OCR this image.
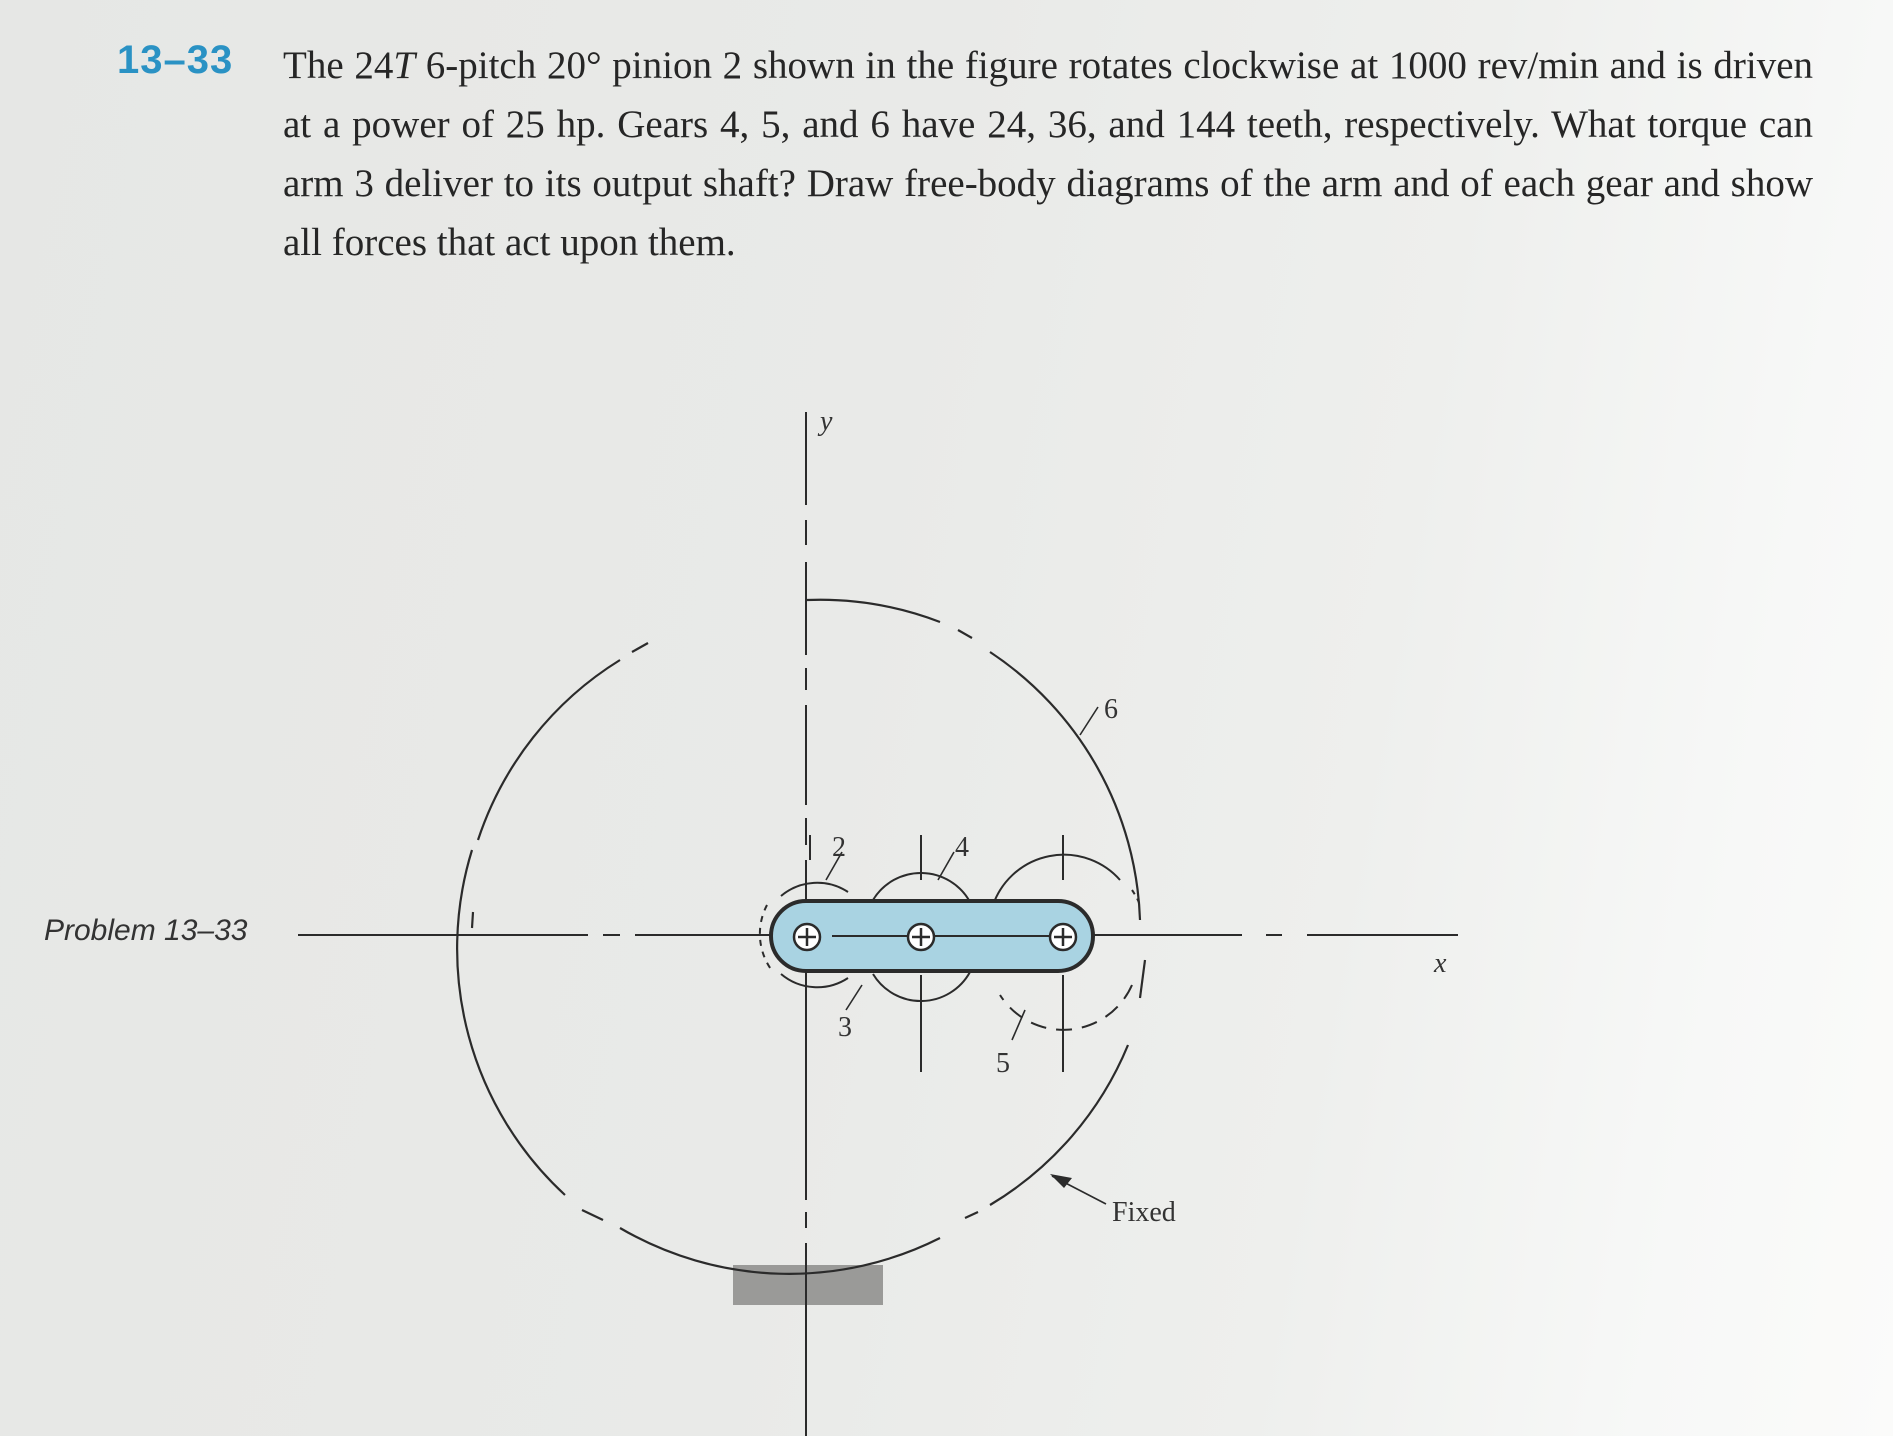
13–33 The 24T 6-pitch 20° pinion 2 shown in the figure rotates clockwise at 1000 rev/min and is driven at a power of 25 hp. Gears 4, 5, and 6 have 24, 36, and 144 teeth, respectively. What torque can arm 3 deliver to its output shaft? Draw free-body diagrams of the arm and of each gear and show all forces that act upon them.

Problem 13–33
y
x
2	4
3
5
6
Fixed
